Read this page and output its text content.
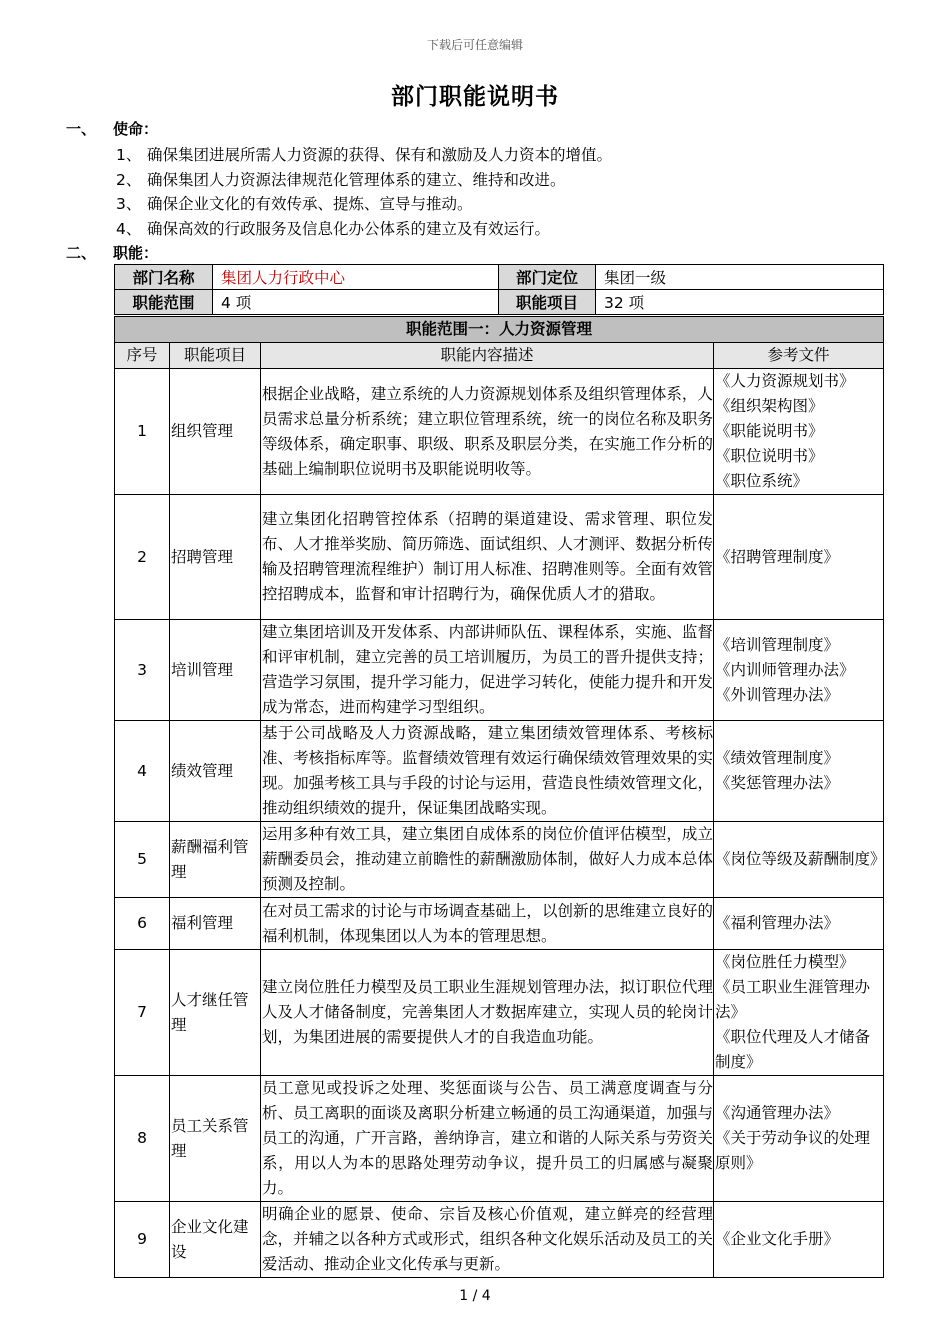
下载后可任意编辑
部门职能说明书
一、 使命：
1、 确保集团进展所需人力资源的获得、保有和激励及人力资本的增值。
2、 确保集团人力资源法律规范化管理体系的建立、维持和改进。
3、 确保企业文化的有效传承、提炼、宣导与推动。
4、 确保高效的行政服务及信息化办公体系的建立及有效运行。
二、 职能：
部门名称	集团人力行政中心	部门定位	集团一级
职能范围	4 项	职能项目	32 项
职能范围一：人力资源管理			
序号	职能项目	职能内容描述	参考文件
1	组织管理	根据企业战略，建立系统的人力资源规划体系及组织管理体系，人员需求总量分析系统；建立职位管理系统，统一的岗位名称及职务等级体系，确定职事、职级、职系及职层分类，在实施工作分析的基础上编制职位说明书及职能说明收等。	《人力资源规划书》
《组织架构图》
《职能说明书》
《职位说明书》
《职位系统》

2	招聘管理	建立集团化招聘管控体系（招聘的渠道建设、需求管理、职位发布、人才推举奖励、简历筛选、面试组织、人才测评、数据分析传输及招聘管理流程维护）制订用人标准、招聘准则等。全面有效管控招聘成本，监督和审计招聘行为，确保优质人才的猎取。	《招聘管理制度》

3	培训管理	建立集团培训及开发体系、内部讲师队伍、课程体系，实施、监督和评审机制，建立完善的员工培训履历，为员工的晋升提供支持；营造学习氛围，提升学习能力，促进学习转化，使能力提升和开发成为常态，进而构建学习型组织。	《培训管理制度》
《内训师管理办法》
《外训管理办法》

4	绩效管理	基于公司战略及人力资源战略，建立集团绩效管理体系、考核标准、考核指标库等。监督绩效管理有效运行确保绩效管理效果的实现。加强考核工具与手段的讨论与运用，营造良性绩效管理文化，推动组织绩效的提升，保证集团战略实现。	《绩效管理制度》
《奖惩管理办法》

5	薪酬福利管理	运用多种有效工具，建立集团自成体系的岗位价值评估模型，成立薪酬委员会，推动建立前瞻性的薪酬激励体制，做好人力成本总体预测及控制。	《岗位等级及薪酬制度》

6	福利管理	在对员工需求的讨论与市场调查基础上，以创新的思维建立良好的福利机制，体现集团以人为本的管理思想。	《福利管理办法》

7	人才继任管理	建立岗位胜任力模型及员工职业生涯规划管理办法，拟订职位代理人及人才储备制度，完善集团人才数据库建立，实现人员的轮岗计划，为集团进展的需要提供人才的自我造血功能。	《岗位胜任力模型》
《员工职业生涯管理办法》
《职位代理及人才储备制度》

8	员工关系管理	员工意见或投诉之处理、奖惩面谈与公告、员工满意度调查与分析、员工离职的面谈及离职分析建立畅通的员工沟通渠道，加强与员工的沟通，广开言路，善纳诤言，建立和谐的人际关系与劳资关系，用以人为本的思路处理劳动争议，提升员工的归属感与凝聚力。	《沟通管理办法》
《关于劳动争议的处理原则》

9	企业文化建设	明确企业的愿景、使命、宗旨及核心价值观，建立鲜亮的经营理念，并辅之以各种方式或形式，组织各种文化娱乐活动及员工的关爱活动、推动企业文化传承与更新。	《企业文化手册》
1 / 4
